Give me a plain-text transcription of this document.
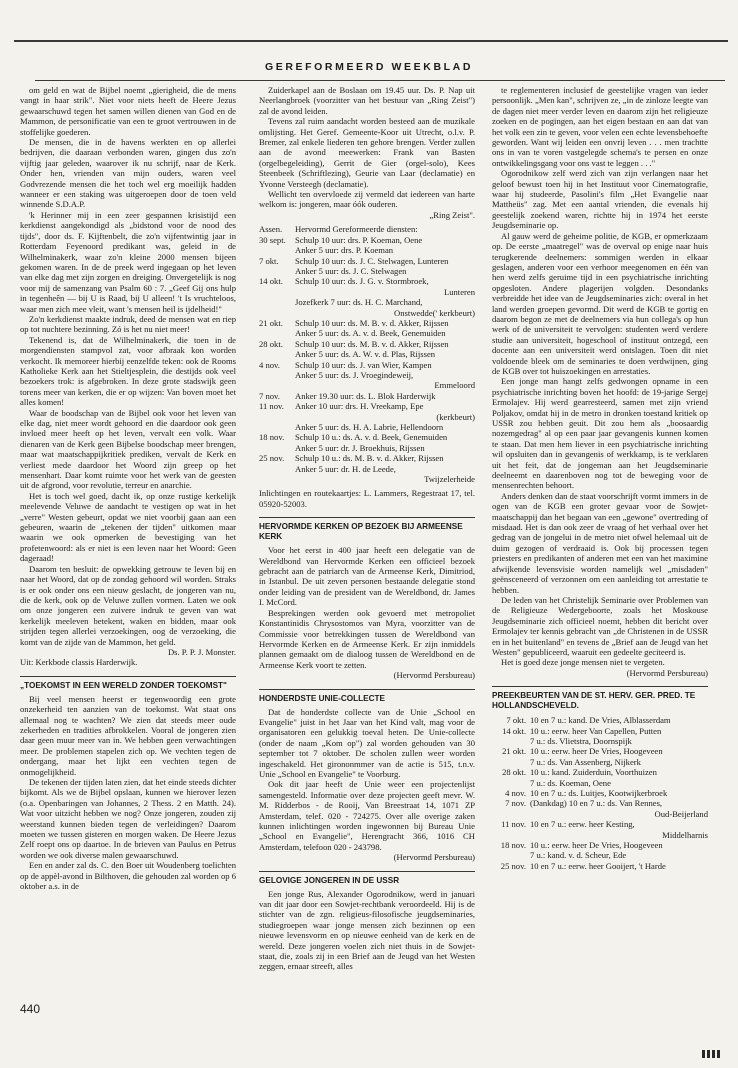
GEREFORMEERD WEEKBLAD

om geld en wat de Bijbel noemt „gierigheid, die de mens vangt in haar strik". Niet voor niets heeft de Heere Jezus gewaarschuwd tegen het samen willen dienen van God en de Mammon, de personificatie van een te groot vertrouwen in de stoffelijke goederen.

De mensen, die in de havens werkten en op allerlei bedrijven, die daaraan verbonden waren, gingen dus zo'n vijftig jaar geleden, waarover ik nu schrijf, naar de Kerk. Onder hen, vrienden van mijn ouders, waren veel Godvrezende mensen die het toch wel erg moeilijk hadden wanneer er een staking was uitgeroepen door de toen veld winnende S.D.A.P.

'k Herinner mij in een zeer gespannen krisistijd een kerkdienst aangekondigd als „bidstond voor de nood des tijds", door ds. F. Kijftenbelt, die zo'n vijfentwintig jaar in Rotterdam Feyenoord predikant was, geleid in de Wilhelminakerk, waar zo'n kleine 2000 mensen bijeen gekomen waren. In de de preek werd ingegaan op het leven van elke dag met zijn zorgen en dreiging. Onvergetelijk is nog voor mij de samenzang van Psalm 60 : 7. „Geef Gij ons hulp in tegenheên — bij U is Raad, bij U alleen! 't Is vruchteloos, waar men zich mee vleit, want 's mensen heil is ijdelheid!"

Zo'n kerkdienst maakte indruk, deed de mensen wat en riep op tot nuchtere bezinning. Zó is het nu niet meer!

Tekenend is, dat de Wilhelminakerk, die toen in de morgendiensten stampvol zat, voor afbraak kon worden verkocht. Ik memoreer hierbij eenzelfde teken: ook de Rooms Katholieke Kerk aan het Stieltjesplein, die destijds ook veel bezoekers trok: is afgebroken. In deze grote stadswijk geen torens meer van kerken, die er op wijzen: Van boven moet het alles komen!

Waar de boodschap van de Bijbel ook voor het leven van elke dag, niet meer wordt gehoord en die daardoor ook geen invloed meer heeft op het leven, vervalt een volk. Waar dienaren van de Kerk geen Bijbelse boodschap meer brengen, maar wat maatschappijkritiek prediken, vervalt de Kerk en verliest mede daardoor het Woord zijn greep op het mensenhart. Daar komt ruimte voor het werk van de geesten uit de afgrond, voor revolutie, terreur en anarchie.

Het is toch wel goed, dacht ik, op onze rustige kerkelijk meelevende Veluwe de aandacht te vestigen op wat in het „verre" Westen gebeurt, opdat we niet voorbij gaan aan een gebeuren, waarin de „tekenen der tijden" uitkomen maar waarin we ook opmerken de bevestiging van het profetenwoord: als er niet is een leven naar het Woord: Geen dageraad!

Daarom ten besluit: de opwekking getrouw te leven bij en naar het Woord, dat op de zondag gehoord wil worden. Straks is er ook onder ons een nieuw geslacht, de jongeren van nu, die de kerk, ook op de Veluwe zullen vormen. Laten we ook om onze jongeren een zuivere indruk te geven van wat kerkelijk meeleven betekent, waken en bidden, maar ook strijden tegen allerlei verzoekingen, oog de verzoeking, die komt van de zijde van de Mammon, het geld.

Ds. P. P. J. Monster.

Uit: Kerkbode classis Harderwijk.

„TOEKOMST IN EEN WERELD ZONDER TOEKOMST"

Bij veel mensen heerst er tegenwoordig een grote onzekerheid ten aanzien van de toekomst. Wat staat ons allemaal nog te wachten? We zien dat steeds meer oude zekerheden en tradities afbrokkelen. Vooral de jongeren zien daar geen muur meer van in. We hebben geen verwachtingen meer. De problemen stapelen zich op. We vechten tegen de ondergang, maar het lijkt een vechten tegen de onmogelijkheid.

De tekenen der tijden laten zien, dat het einde steeds dichter bijkomt. Als we de Bijbel opslaan, kunnen we hierover lezen (o.a. Openbaringen van Johannes, 2 Thess. 2 en Matth. 24). Wat voor uitzicht hebben we nog? Onze jongeren, zouden zij weerstand kunnen bieden tegen de verleidingen? Daarom moeten we tussen gisteren en morgen waken. De Heere Jezus Zelf roept ons op daartoe. In de brieven van Paulus en Petrus worden we ook diverse malen gewaarschuwd.

Een en ander zal ds. C. den Boer uit Woudenberg toelichten op de appèl-avond in Bilthoven, die gehouden zal worden op 6 oktober a.s. in de

Zuiderkapel aan de Boslaan om 19.45 uur. Ds. P. Nap uit Neerlangbroek (voorzitter van het bestuur van „Ring Zeist") zal de avond leiden.

Tevens zal ruim aandacht worden besteed aan de muzikale omlijsting. Het Geref. Gemeente-Koor uit Utrecht, o.l.v. P. Bremer, zal enkele liederen ten gehore brengen. Verder zullen aan de avond meewerken: Frank van Basten (orgelbegeleiding), Gerrit de Gier (orgel-solo), Kees Steenbeek (Schriftlezing), Geurie van Laar (declamatie) en Yvonne Versteegh (declamatie).

Wellicht ten overvloede zij vermeld dat iedereen van harte welkom is: jongeren, maar óók ouderen.

„Ring Zeist".

Assen.	Hervormd Gereformeerde diensten:
30 sept.	Schulp 10 uur: drs. P. Koeman, Oene
Anker 5 uur: drs. P. Koeman
7 okt.	Schulp 10 uur: ds. J. C. Stelwagen, Lunteren
Anker 5 uur: ds. J. C. Stelwagen
14 okt.	Schulp 10 uur: ds. J. G. v. Stormbroek,
Lunteren
Jozefkerk 7 uur: ds. H. C. Marchand,
Onstwedde(' kerkbeurt)
21 okt.	Schulp 10 uur: ds. M. B. v. d. Akker, Rijssen
Anker 5 uur: ds. A. v. d. Beek, Genemuiden
28 okt.	Schulp 10 uur: ds. M. B. v. d. Akker, Rijssen
Anker 5 uur: ds. A. W. v. d. Plas, Rijssen
4 nov.	Schulp 10 uur: ds. J. van Wier, Kampen
Anker 5 uur: ds. J. Vroegindeweij,
Emmeloord
7 nov.	Anker 19.30 uur: ds. L. Blok Harderwijk
11 nov.	Anker 10 uur: drs. H. Vreekamp, Epe
(kerkbeurt)
Anker 5 uur: ds. H. A. Labrie, Hellendoorn
18 nov.	Schulp 10 u.: ds. A. v. d. Beek, Genemuiden
Anker 5 uur: dr. J. Broekhuis, Rijssen
25 nov.	Schulp 10 u.: ds. M. B. v. d. Akker, Rijssen
Anker 5 uur: dr. H. de Leede,
Twijzelerheide

Inlichtingen en routekaartjes: L. Lammers, Regestraat 17, tel. 05920-52003.

HERVORMDE KERKEN OP BEZOEK BIJ ARMEENSE KERK

Voor het eerst in 400 jaar heeft een delegatie van de Wereldbond van Hervormde Kerken een officieel bezoek gebracht aan de patriarch van de Armeense Kerk, Dimitriod, in Istanbul. De uit zeven personen bestaande delegatie stond onder leiding van de president van de Wereldbond, dr. James I. McCord.

Besprekingen werden ook gevoerd met metropoliet Konstantinidis Chrysostomos van Myra, voorzitter van de Commissie voor betrekkingen tussen de Wereldbond van Hervormde Kerken en de Armeense Kerk. Er zijn inmiddels plannen gemaakt om de dialoog tussen de Wereldbond en de Armeense Kerk voort te zetten.

(Hervormd Persbureau)

HONDERDSTE UNIE-COLLECTE

Dat de honderdste collecte van de Unie „School en Evangelie" juist in het Jaar van het Kind valt, mag voor de organisatoren een gelukkig toeval heten. De Unie-collecte (onder de naam „Kom op") zal worden gehouden van 30 september tot 7 oktober. De scholen zullen weer worden ingeschakeld. Het girononmmer van de actie is 515, t.n.v. Unie „School en Evangelie" te Voorburg.

Ook dit jaar heeft de Unie weer een projectenlijst samengesteld. Informatie over deze projecten geeft mevr. W. M. Ridderbos - de Rooij, Van Breestraat 14, 1071 ZP Amsterdam, telef. 020 - 724275. Over alle overige zaken kunnen inlichtingen worden ingewonnen bij Bureau Unie „School en Evangelie", Herengracht 366, 1016 CH Amsterdam, telefoon 020 - 243798.

(Hervormd Persbureau)

GELOVIGE JONGEREN IN DE USSR

Een jonge Rus, Alexander Ogorodnikow, werd in januari van dit jaar door een Sowjet-rechtbank veroordeeld. Hij is de stichter van de zgn. religieus-filosofische jeugdseminaries, studiegroepen waar jonge mensen zich bezinnen op een nieuwe levensvorm en op nieuwe eenheid van de kerk en de wereld. Deze jongeren voelen zich niet thuis in de Sowjet-staat, die, zoals zij in een Brief aan de Jeugd van het Westen zeggen, ernaar streeft, alles

te reglementeren inclusief de geestelijke vragen van ieder persoonlijk. „Men kan", schrijven ze, „in de zinloze leegte van de dagen niet meer verder leven en daarom zijn het religieuze zoeken en de pogingen, aan het eigen bestaan en aan dat van het volk een zin te geven, voor velen een echte levensbehoefte geworden. Want wij leiden een onvrij leven . . . men trachtte ons in van te voren vastgelegde schema's te persen en onze ontwikkelingsgang voor ons vast te leggen . . ."

Ogorodnikow zelf werd zich van zijn verlangen naar het geloof bewust toen hij in het Instituut voor Cinematografie, waar hij studeerde, Pasolini's film „Het Evangelie naar Mattheüs" zag. Met een aantal vrienden, die evenals hij geestelijk zoekend waren, richtte hij in 1974 het eerste Jeugdseminarie op.

Al gauw werd de geheime politie, de KGB, er opmerkzaam op. De eerste „maatregel" was de overval op enige naar huis terugkerende deelnemers: sommigen werden in elkaar geslagen, anderen voor een verhoor meegenomen en één van hen werd zelfs geruime tijd in een psychiatrische inrichting opgesloten. Andere plagerijen volgden. Desondanks verbreidde het idee van de Jeugdseminaries zich: overal in het land werden groepen gevormd. Dit werd de KGB te gortig en daarom begon ze met de deelnemers via hun collega's op hun werk of de universiteit te vervolgen: studenten werd verdere studie aan universiteit, hogeschool of instituut ontzegd, een docente aan een universiteit werd ontslagen. Toen dit niet voldoende bleek om de seminaries te doen verdwijnen, ging de KGB over tot huiszoekingen en arrestaties.

Een jonge man hangt zelfs gedwongen opname in een psychiatrische inrichting boven het hoofd: de 19-jarige Sergej Ermolajev. Hij werd gearresteerd, samen met zijn vriend Poljakov, omdat hij in de metro in dronken toestand kritiek op USSR zou hebben geuit. Dit zou hem als „boosaardig nozemgedrag" al op een paar jaar gevangenis kunnen komen te staan. Dat men hem liever in een psychiatrische inrichting wil opsluiten dan in gevangenis of werkkamp, is te verklaren uit het feit, dat de jongeman aan het Jeugdseminarie deelneemt en daarenboven nog tot de beweging voor de mensenrechten behoort.

Anders denken dan de staat voorschrijft vormt immers in de ogen van de KGB een groter gevaar voor de Sowjet-maatschappij dan het begaan van een „gewone" overtreding of misdaad. Het is dan ook zeer de vraag of het verhaal over het gedrag van de jongelui in de metro niet ofwel helemaal uit de duim gezogen of verdraaid is. Ook bij processen tegen priesters en predikanten of anderen met een van het maximine afwijkende levensvisie worden namelijk wel „misdaden" geënsceneerd of verzonnen om een aanleiding tot arrestatie te hebben.

De leden van het Christelijk Seminarie over Problemen van de Religieuze Wedergeboorte, zoals het Moskouse Jeugdseminarie zich officieel noemt, hebben dit bericht over Ermolajev ter kennis gebracht van „de Christenen in de USSR en in het buitenland" en tevens de „Brief aan de Jeugd van het Westen" gepubliceerd, waaruit een gedeelte geciteerd is.

Het is goed deze jonge mensen niet te vergeten.

(Hervormd Persbureau)

PREEKBEURTEN VAN DE ST. HERV. GER. PRED. TE HOLLANDSCHEVELD.
7 okt. 10 en 7 u.: kand. De Vries, Alblasserdam
14 okt. 10 u.: eerw. heer Van Capellen, Putten
7 u.: ds. Vlietstra, Doornspijk
21 okt. 10 u.: eerw. heer De Vries, Hoogeveen
7 u.: ds. Van Assenberg, Nijkerk
28 okt. 10 u.: kand. Zuiderduin, Voorthuizen
7 u.: ds. Koeman, Oene
4 nov. 10 en 7 u.: ds. Luitjes, Kootwijkerbroek
7 nov. (Dankdag) 10 en 7 u.: ds. Van Rennes,
Oud-Beijerland
11 nov. 10 en 7 u.: eerw. heer Kesting,
Middelharnis
18 nov. 10 u.: eerw. heer De Vries, Hoogeveen
7 u.: kand. v. d. Scheur, Ede
25 nov. 10 en 7 u.: eerw. heer Gooijert, 't Harde
440
